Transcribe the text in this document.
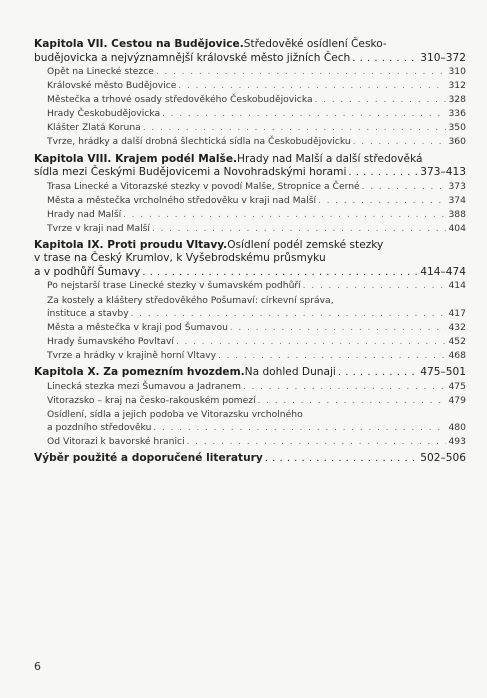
Kapitola VII. Cestou na Budějovice. Středověké osídlení Česko-
budějovicka a nejvýznamnější královské město jižních Čech . . .	310–372
Opět na Linecké stezce . . .	310
Královské město Budějovice . . .	312
Městečka a trhové osady středověkého Českobudějovicka . . .	328
Hrady Českobudějovicka . . .	336
Klášter Zlatá Koruna . . .	350
Tvrze, hrádky a další drobná šlechtická sídla na Českobudějovicku . . .	360
Kapitola VIII. Krajem podél Malše. Hrady nad Malší a další středověká
sídla mezi Českými Budějovicemi a Novohradskými horami . . .	373–413
Trasa Linecké a Vitorazské stezky v povodí Malše, Stropnice a Černé . . .	373
Města a městečka vrcholného středověku v kraji nad Malší . . .	374
Hrady nad Malší . . .	388
Tvrze v kraji nad Malší . . .	404
Kapitola IX. Proti proudu Vltavy. Osídlení podél zemské stezky
v trase na Český Krumlov, k Vyšebrodskému průsmyku
a v podhůří Šumavy . . .	414–474
Po nejstarší trase Linecké stezky v šumavském podhůří . . .	414
Za kostely a kláštery středověkého Pošumaví: církevní správa,
instituce a stavby . . .	417
Města a městečka v kraji pod Šumavou . . .	432
Hrady šumavského Povltaví . . .	452
Tvrze a hrádky v krajině horní Vltavy . . .	468
Kapitola X. Za pomezním hvozdem. Na dohled Dunaji . . .	475–501
Linecká stezka mezi Šumavou a Jadranem . . .	475
Vitorazsko – kraj na česko-rakouském pomezí . . .	479
Osídlení, sídla a jejich podoba ve Vitorazsku vrcholného
a pozdního středověku . . .	480
Od Vitorazi k bavorské hranici . . .	493
Výběr použité a doporučené literatury . . .	502–506
6
